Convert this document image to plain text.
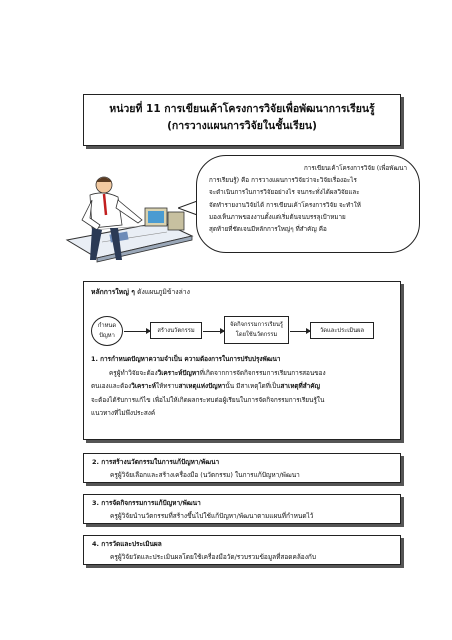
หน่วยที่ 11 การเขียนเค้าโครงการวิจัยเพื่อพัฒนาการเรียนรู้
(การวางแผนการวิจัยในชั้นเรียน)

การเขียนเค้าโครงการวิจัย (เพื่อพัฒนา

การเรียนรู้) คือ การวางแผนการวิจัยว่าจะวิจัยเรื่องอะไร

จะดำเนินการในการวิจัยอย่างไร จนกระทั่งได้ผลวิจัยและ

จัดทำรายงานวิจัยได้ การเขียนเค้าโครงการวิจัย จะทำให้

มองเห็นภาพของงานตั้งแต่เริ่มต้นจนบรรลุเป้าหมาย

สุดท้ายที่ชัดเจนมีหลักการใหญ่ๆ ที่สำคัญ คือ

หลักการใหญ่ ๆ ดังแผนภูมิข้างล่าง
กำหนด
ปัญหา
สร้างนวัตกรรม
จัดกิจกรรมการเรียนรู้
โดยใช้นวัตกรรม
วัดและประเมินผล
1. การกำหนดปัญหาความจำเป็น ความต้องการในการปรับปรุงพัฒนา
ครูผู้ทำวิจัยจะต้องวิเคราะห์ปัญหาที่เกิดจากการจัดกิจกรรมการเรียนการสอนของ
ตนเองและต้องวิเคราะห์ให้ทราบสาเหตุแห่งปัญหานั้น มีสาเหตุใดที่เป็นสาเหตุที่สำคัญ
จะต้องได้รับการแก้ไข เพื่อไม่ให้เกิดผลกระทบต่อผู้เรียนในการจัดกิจกรรมการเรียนรู้ใน
แนวทางที่ไม่พึงประสงค์
2. การสร้างนวัตกรรมในการแก้ปัญหา/พัฒนา
ครูผู้วิจัยเลือกและสร้างเครื่องมือ (นวัตกรรม) ในการแก้ปัญหา/พัฒนา
3. การจัดกิจกรรมการแก้ปัญหา/พัฒนา
ครูผู้วิจัยนำนวัตกรรมที่สร้างขึ้นไปใช้แก้ปัญหา/พัฒนาตามแผนที่กำหนดไว้
4. การวัดและประเมินผล
ครูผู้วิจัยวัดและประเมินผลโดยใช้เครื่องมือวัด/รวบรวมข้อมูลที่สอดคล้องกับ
